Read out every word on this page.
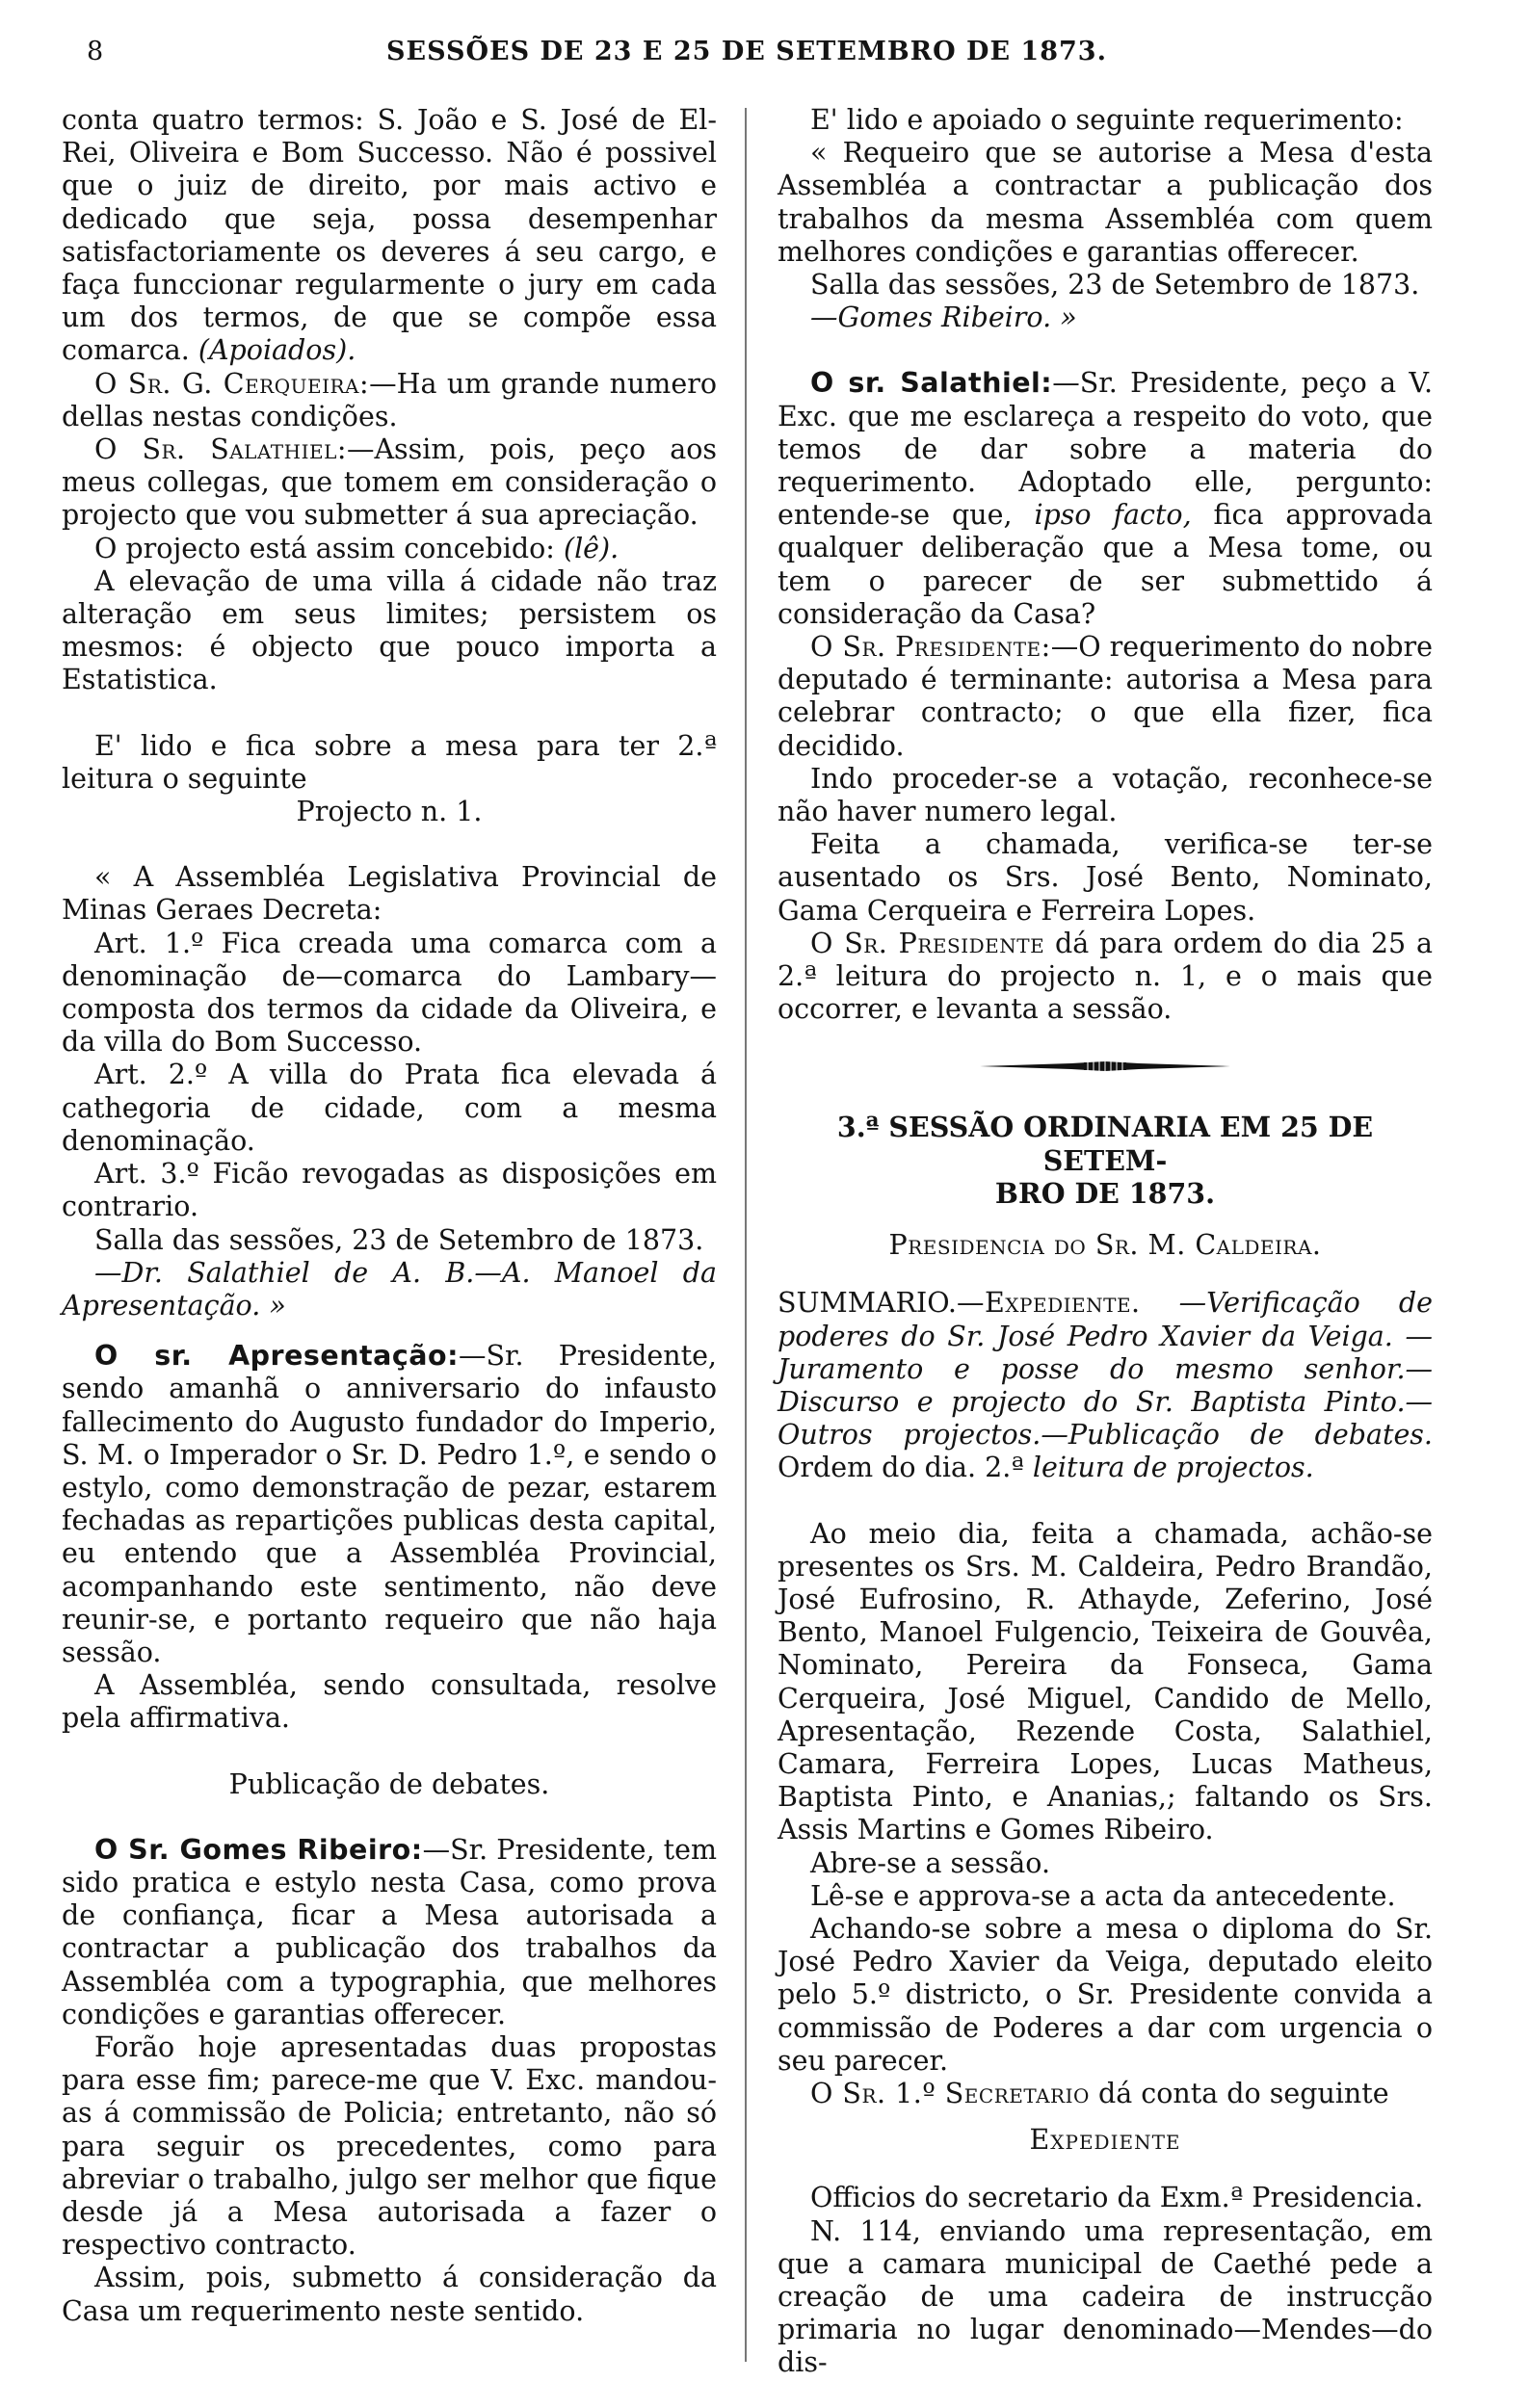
8	SESSÕES DE 23 E 25 DE SETEMBRO DE 1873.

conta quatro termos: S. João e S. José de El-Rei, Oliveira e Bom Successo. Não é possivel que o juiz de direito, por mais activo e dedicado que seja, possa desempenhar satisfactoriamente os deveres á seu cargo, e faça funccionar regularmente o jury em cada um dos termos, de que se compõe essa comarca. (Apoiados).

O Sr. G. Cerqueira:—Ha um grande numero dellas nestas condições.

O Sr. Salathiel:—Assim, pois, peço aos meus collegas, que tomem em consideração o projecto que vou submetter á sua apreciação.

O projecto está assim concebido: (lê).

A elevação de uma villa á cidade não traz alteração em seus limites; persistem os mesmos: é objecto que pouco importa a Estatistica.

E' lido e fica sobre a mesa para ter 2.ª leitura o seguinte

Projecto n. 1.

« A Assembléa Legislativa Provincial de Minas Geraes Decreta:

Art. 1.º Fica creada uma comarca com a denominação de—comarca do Lambary—composta dos termos da cidade da Oliveira, e da villa do Bom Successo.

Art. 2.º A villa do Prata fica elevada á cathegoria de cidade, com a mesma denominação.

Art. 3.º Ficão revogadas as disposições em contrario.

Salla das sessões, 23 de Setembro de 1873.

—Dr. Salathiel de A. B.—A. Manoel da Apresentação. »

O sr. Apresentação:—Sr. Presidente, sendo amanhã o anniversario do infausto fallecimento do Augusto fundador do Imperio, S. M. o Imperador o Sr. D. Pedro 1.º, e sendo o estylo, como demonstração de pezar, estarem fechadas as repartições publicas desta capital, eu entendo que a Assembléa Provincial, acompanhando este sentimento, não deve reunir-se, e portanto requeiro que não haja sessão.

A Assembléa, sendo consultada, resolve pela affirmativa.

Publicação de debates.

O Sr. Gomes Ribeiro:—Sr. Presidente, tem sido pratica e estylo nesta Casa, como prova de confiança, ficar a Mesa autorisada a contractar a publicação dos trabalhos da Assembléa com a typographia, que melhores condições e garantias offerecer.

Forão hoje apresentadas duas propostas para esse fim; parece-me que V. Exc. mandou-as á commissão de Policia; entretanto, não só para seguir os precedentes, como para abreviar o trabalho, julgo ser melhor que fique desde já a Mesa autorisada a fazer o respectivo contracto.

Assim, pois, submetto á consideração da Casa um requerimento neste sentido.

E' lido e apoiado o seguinte requerimento:

« Requeiro que se autorise a Mesa d'esta Assembléa a contractar a publicação dos trabalhos da mesma Assembléa com quem melhores condições e garantias offerecer.

Salla das sessões, 23 de Setembro de 1873.

—Gomes Ribeiro. »

O sr. Salathiel:—Sr. Presidente, peço a V. Exc. que me esclareça a respeito do voto, que temos de dar sobre a materia do requerimento. Adoptado elle, pergunto: entende-se que, ipso facto, fica approvada qualquer deliberação que a Mesa tome, ou tem o parecer de ser submettido á consideração da Casa?

O Sr. Presidente:—O requerimento do nobre deputado é terminante: autorisa a Mesa para celebrar contracto; o que ella fizer, fica decidido.

Indo proceder-se a votação, reconhece-se não haver numero legal.

Feita a chamada, verifica-se ter-se ausentado os Srs. José Bento, Nominato, Gama Cerqueira e Ferreira Lopes.

O Sr. Presidente dá para ordem do dia 25 a 2.ª leitura do projecto n. 1, e o mais que occorrer, e levanta a sessão.

3.ª SESSÃO ORDINARIA EM 25 DE SETEM-
BRO DE 1873.

Presidencia do Sr. M. Caldeira.

SUMMARIO.—Expediente. —Verificação de poderes do Sr. José Pedro Xavier da Veiga. —Juramento e posse do mesmo senhor.—Discurso e projecto do Sr. Baptista Pinto.—Outros projectos.—Publicação de debates. Ordem do dia. 2.ª leitura de projectos.

Ao meio dia, feita a chamada, achão-se presentes os Srs. M. Caldeira, Pedro Brandão, José Eufrosino, R. Athayde, Zeferino, José Bento, Manoel Fulgencio, Teixeira de Gouvêa, Nominato, Pereira da Fonseca, Gama Cerqueira, José Miguel, Candido de Mello, Apresentação, Rezende Costa, Salathiel, Camara, Ferreira Lopes, Lucas Matheus, Baptista Pinto, e Ananias,; faltando os Srs. Assis Martins e Gomes Ribeiro.

Abre-se a sessão.

Lê-se e approva-se a acta da antecedente.

Achando-se sobre a mesa o diploma do Sr. José Pedro Xavier da Veiga, deputado eleito pelo 5.º districto, o Sr. Presidente convida a commissão de Poderes a dar com urgencia o seu parecer.

O Sr. 1.º Secretario dá conta do seguinte

Expediente

Officios do secretario da Exm.ª Presidencia.

N. 114, enviando uma representação, em que a camara municipal de Caethé pede a creação de uma cadeira de instrucção primaria no lugar denominado—Mendes—do dis-
